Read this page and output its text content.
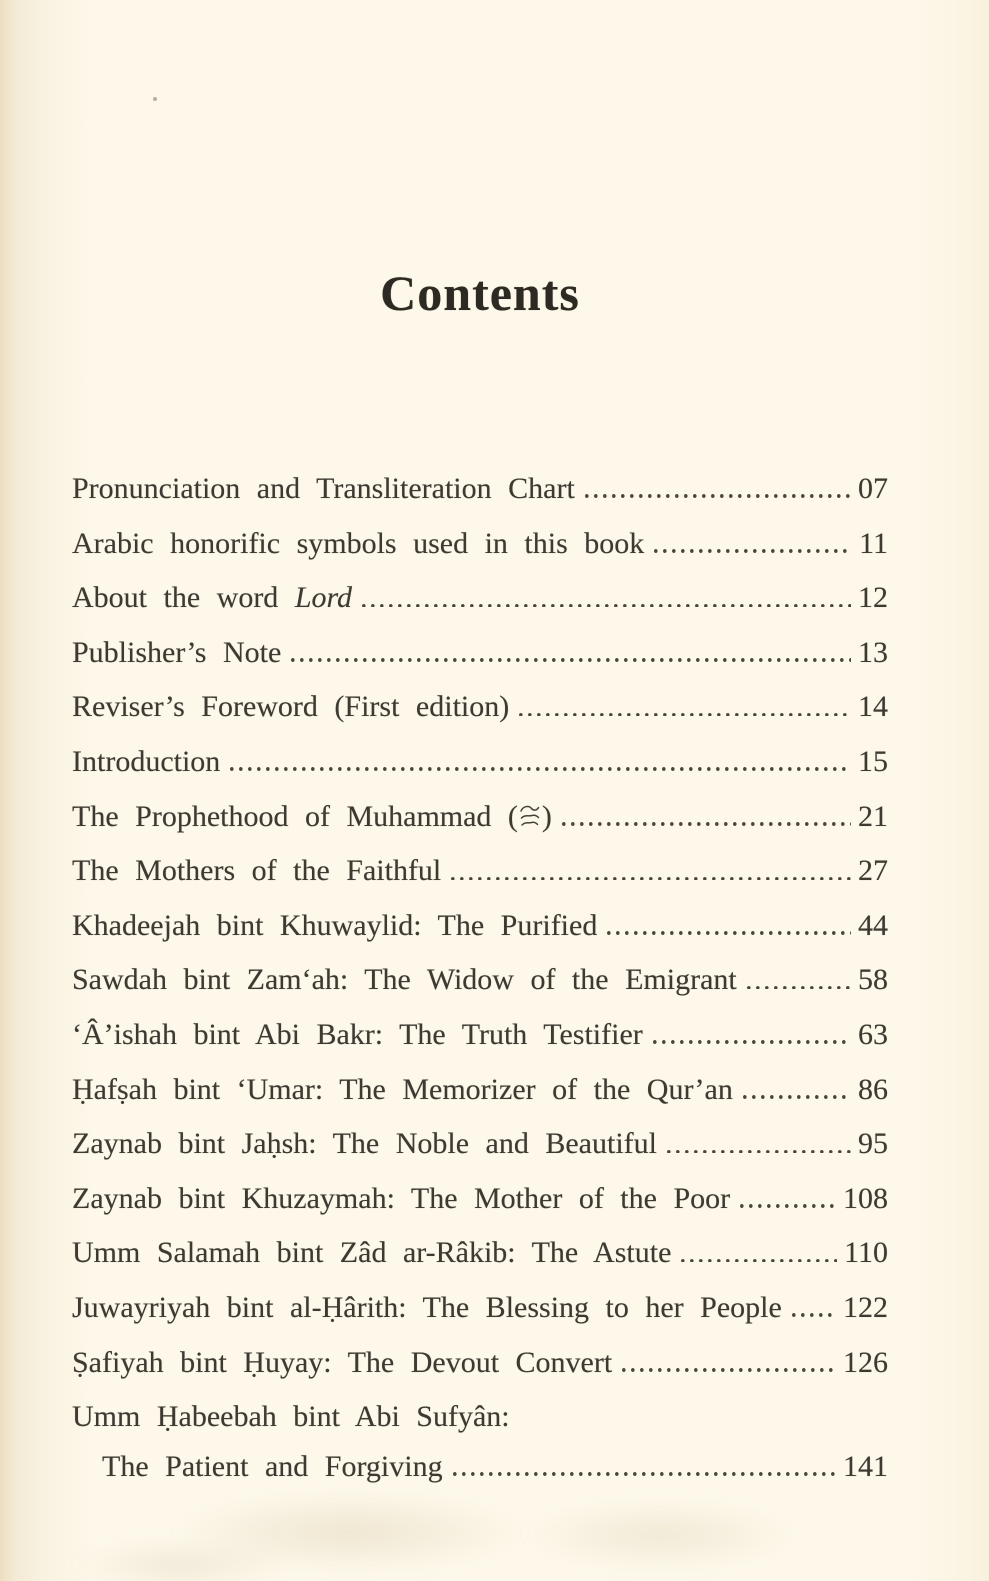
Contents
Pronunciation and Transliteration Chart	07
Arabic honorific symbols used in this book	11
About the word Lord	12
Publisher’s Note	13
Reviser’s Foreword (First edition)	14
Introduction	15
The Prophethood of Muhammad ( )	21
The Mothers of the Faithful	27
Khadeejah bint Khuwaylid: The Purified	44
Sawdah bint Zam‘ah: The Widow of the Emigrant	58
‘Â’ishah bint Abi Bakr: The Truth Testifier	63
Ḥafṣah bint ‘Umar: The Memorizer of the Qur’an	86
Zaynab bint Jaḥsh: The Noble and Beautiful	95
Zaynab bint Khuzaymah: The Mother of the Poor	108
Umm Salamah bint Zâd ar-Râkib: The Astute	110
Juwayriyah bint al-Ḥârith: The Blessing to her People 122
Ṣafiyah bint Ḥuyay: The Devout Convert	126
Umm Ḥabeebah bint Abi Sufyân:
The Patient and Forgiving	141
